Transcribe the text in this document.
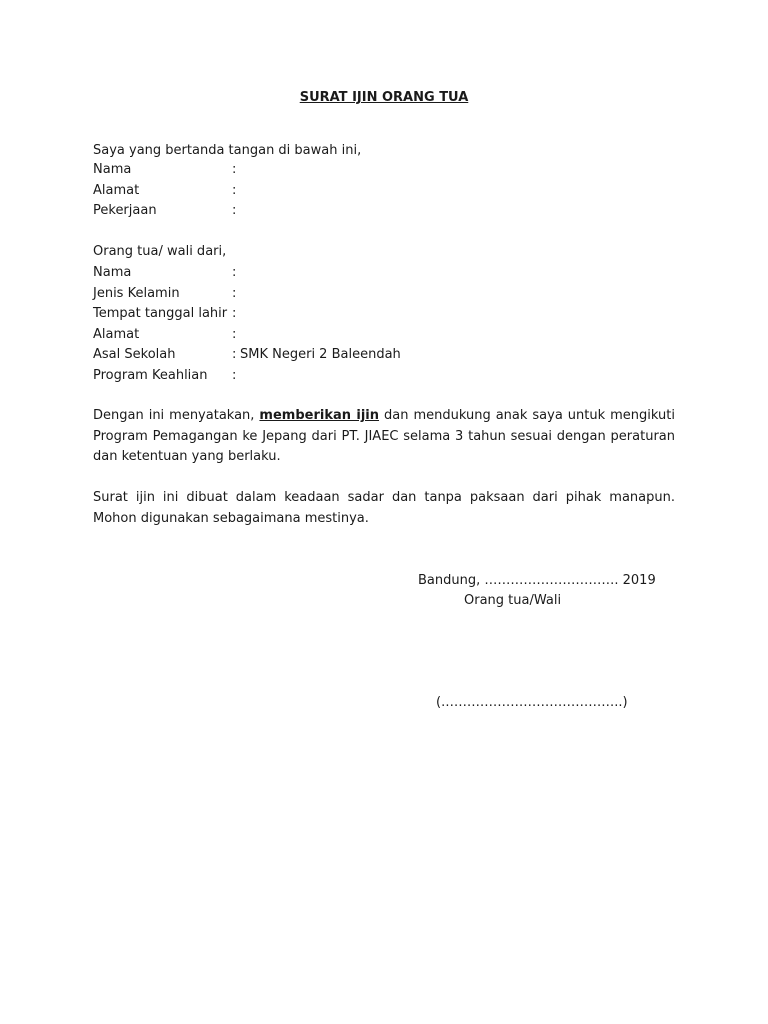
SURAT IJIN ORANG TUA
Saya yang bertanda tangan di bawah ini,
Nama	:
Alamat	:
Pekerjaan	:
Orang tua/ wali dari,
Nama	:
Jenis Kelamin	:
Tempat tanggal lahir :
Alamat	:
Asal Sekolah	: SMK Negeri 2 Baleendah
Program Keahlian :
Dengan ini menyatakan, memberikan ijin dan mendukung anak saya untuk mengikuti Program Pemagangan ke Jepang dari PT. JIAEC selama 3 tahun sesuai dengan peraturan dan ketentuan yang berlaku.
Surat ijin ini dibuat dalam keadaan sadar dan tanpa paksaan dari pihak manapun. Mohon digunakan sebagaimana mestinya.
Bandung, …………………………. 2019
Orang tua/Wali
(.…………………………………..)
